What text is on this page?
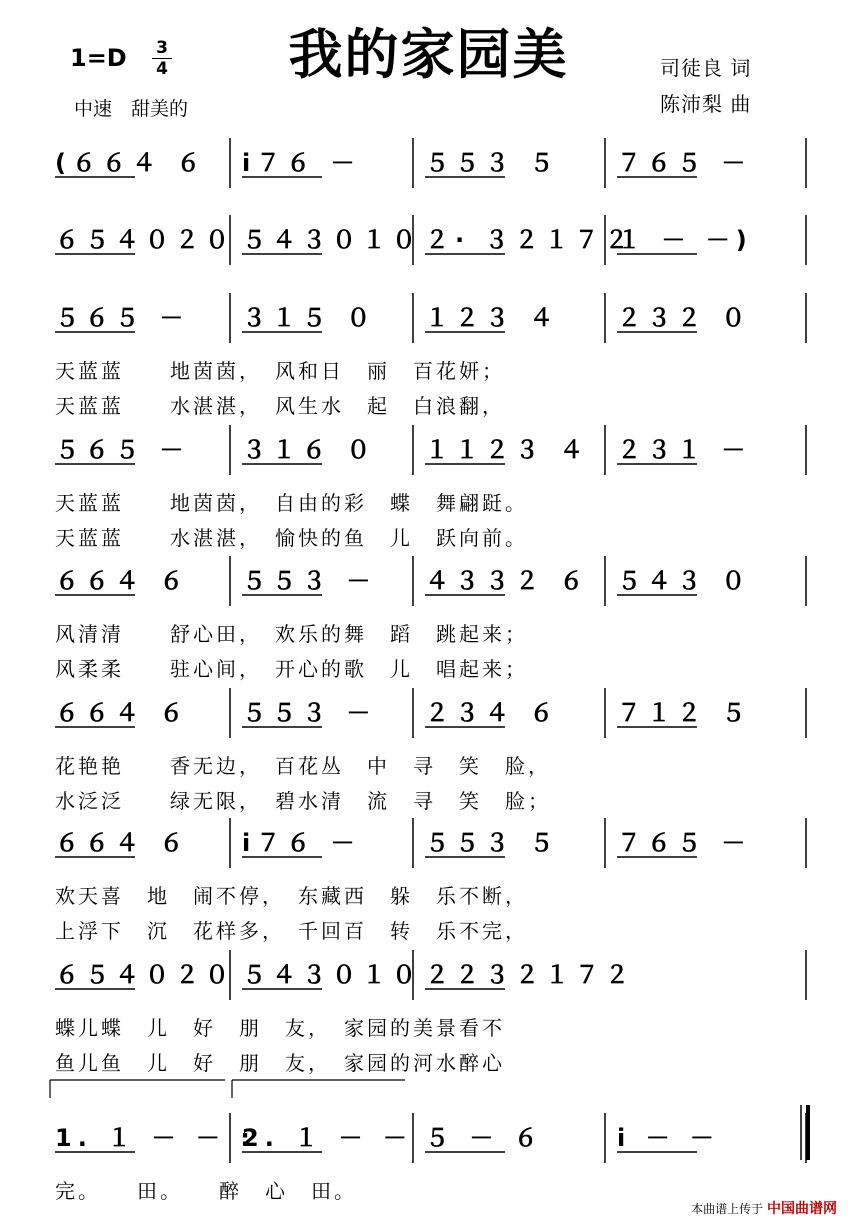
我的家园美
$1=D \frac{3}{4}$
中速　甜美的
司徒良 词
陈沛梨 曲
(６６４ ６ i７６ －	５５３ ５ ７６５ －
６５４０２０ ５４３０１０ ２· ３２１７２
１ － －)
５６５ － ３１５ ０ １２３ ４ ２３２ ０
天蓝蓝　　地茵茵，　风和日　丽　百花妍；
天蓝蓝　　水湛湛，　风生水　起　白浪翻，
５６５ － ３１６ ０ １１２３ ４ ２３１ －
天蓝蓝　　地茵茵，　自由的彩　蝶　舞翩跹。
天蓝蓝　　水湛湛，　愉快的鱼　儿　跃向前。
６６４ ６ ５５３ － ４３３２ ６ ５４３ ０
风清清　　舒心田，　欢乐的舞　蹈　跳起来；
风柔柔　　驻心间，　开心的歌　儿　唱起来；
６６４ ６ ５５３ － ２３４ ６ ７１２ ５
花艳艳　　香无边，　百花丛　中　寻　笑　脸，
水泛泛　　绿无限，　碧水清　流　寻　笑　脸；
６６４ ６ i７６ －	５５３ ５ ７６５ －
欢天喜　地　闹不停，　东藏西　躲　乐不断，
上浮下　沉　花样多，　千回百　转　乐不完，
６５４０２０ ５４３０１０ ２２３２１７２
蝶儿蝶　儿　好　朋　友，　家园的美景看不
鱼儿鱼　儿　好　朋　友，　家园的河水醉心
1. １ － － :
2. １ － － ５ － ６	i － －
完。　　田。　　醉　心　田。
本曲谱上传于 中国曲谱网
